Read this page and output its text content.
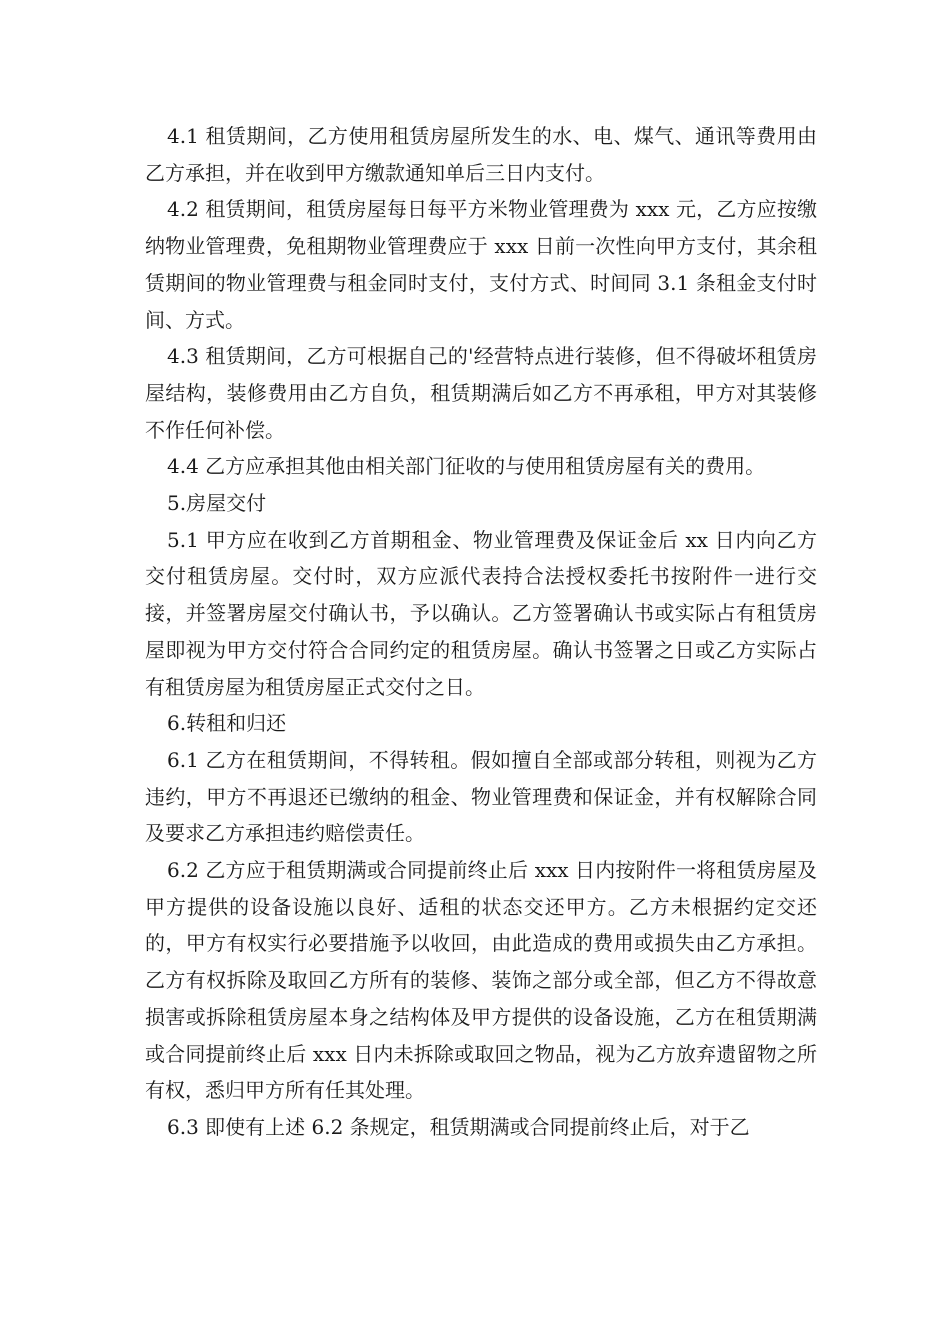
4.1 租赁期间，乙方使用租赁房屋所发生的水、电、煤气、通讯等费用由乙方承担，并在收到甲方缴款通知单后三日内支付。

4.2 租赁期间，租赁房屋每日每平方米物业管理费为 xxx 元，乙方应按缴纳物业管理费，免租期物业管理费应于 xxx 日前一次性向甲方支付，其余租赁期间的物业管理费与租金同时支付，支付方式、时间同 3.1 条租金支付时间、方式。

4.3 租赁期间，乙方可根据自己的'经营特点进行装修，但不得破坏租赁房屋结构，装修费用由乙方自负，租赁期满后如乙方不再承租，甲方对其装修不作任何补偿。

4.4 乙方应承担其他由相关部门征收的与使用租赁房屋有关的费用。

5.房屋交付

5.1 甲方应在收到乙方首期租金、物业管理费及保证金后 xx 日内向乙方交付租赁房屋。交付时，双方应派代表持合法授权委托书按附件一进行交接，并签署房屋交付确认书，予以确认。乙方签署确认书或实际占有租赁房屋即视为甲方交付符合合同约定的租赁房屋。确认书签署之日或乙方实际占有租赁房屋为租赁房屋正式交付之日。

6.转租和归还

6.1 乙方在租赁期间，不得转租。假如擅自全部或部分转租，则视为乙方违约，甲方不再退还已缴纳的租金、物业管理费和保证金，并有权解除合同及要求乙方承担违约赔偿责任。

6.2 乙方应于租赁期满或合同提前终止后 xxx 日内按附件一将租赁房屋及甲方提供的设备设施以良好、适租的状态交还甲方。乙方未根据约定交还的，甲方有权实行必要措施予以收回，由此造成的费用或损失由乙方承担。乙方有权拆除及取回乙方所有的装修、装饰之部分或全部，但乙方不得故意损害或拆除租赁房屋本身之结构体及甲方提供的设备设施，乙方在租赁期满或合同提前终止后 xxx 日内未拆除或取回之物品，视为乙方放弃遗留物之所有权，悉归甲方所有任其处理。

6.3 即使有上述 6.2 条规定，租赁期满或合同提前终止后，对于乙
